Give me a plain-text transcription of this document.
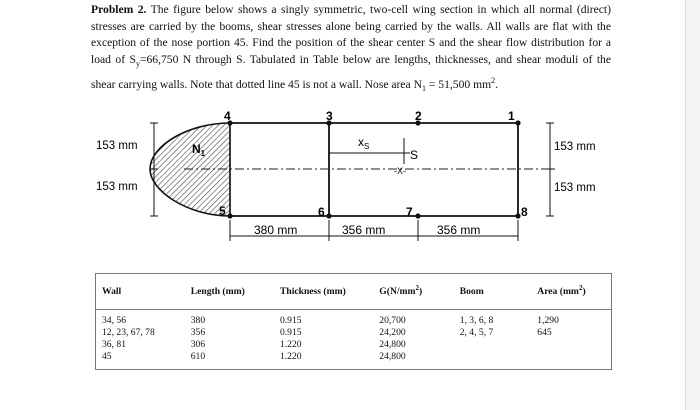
Problem 2. The figure below shows a singly symmetric, two-cell wing section in which all normal (direct) stresses are carried by the booms, shear stresses alone being carried by the walls. All walls are flat with the exception of the nose portion 45. Find the position of the shear center S and the shear flow distribution for a load of $S_y=66,750$ N through S. Tabulated in Table below are lengths, thicknesses, and shear moduli of the shear carrying walls. Note that dotted line 45 is not a wall. Nose area $N_1 = 51,500$ $mm^2$.
4	3	2	1
5	6	7	8
$N_1$
153 mm
153 mm
153 mm
153 mm
$x_S$
S
-X-
380 mm	356 mm	356 mm
Wall	Length (mm)	Thickness (mm)	$G(N/mm^2)$	Boom	Area $(mm^2)$
34, 56	380	0.915	20,700	1, 3, 6, 8	1,290
12, 23, 67, 78	356	0.915	24,200	2, 4, 5, 7	645
36, 81	306	1.220	24,800		
45	610	1.220	24,800		
